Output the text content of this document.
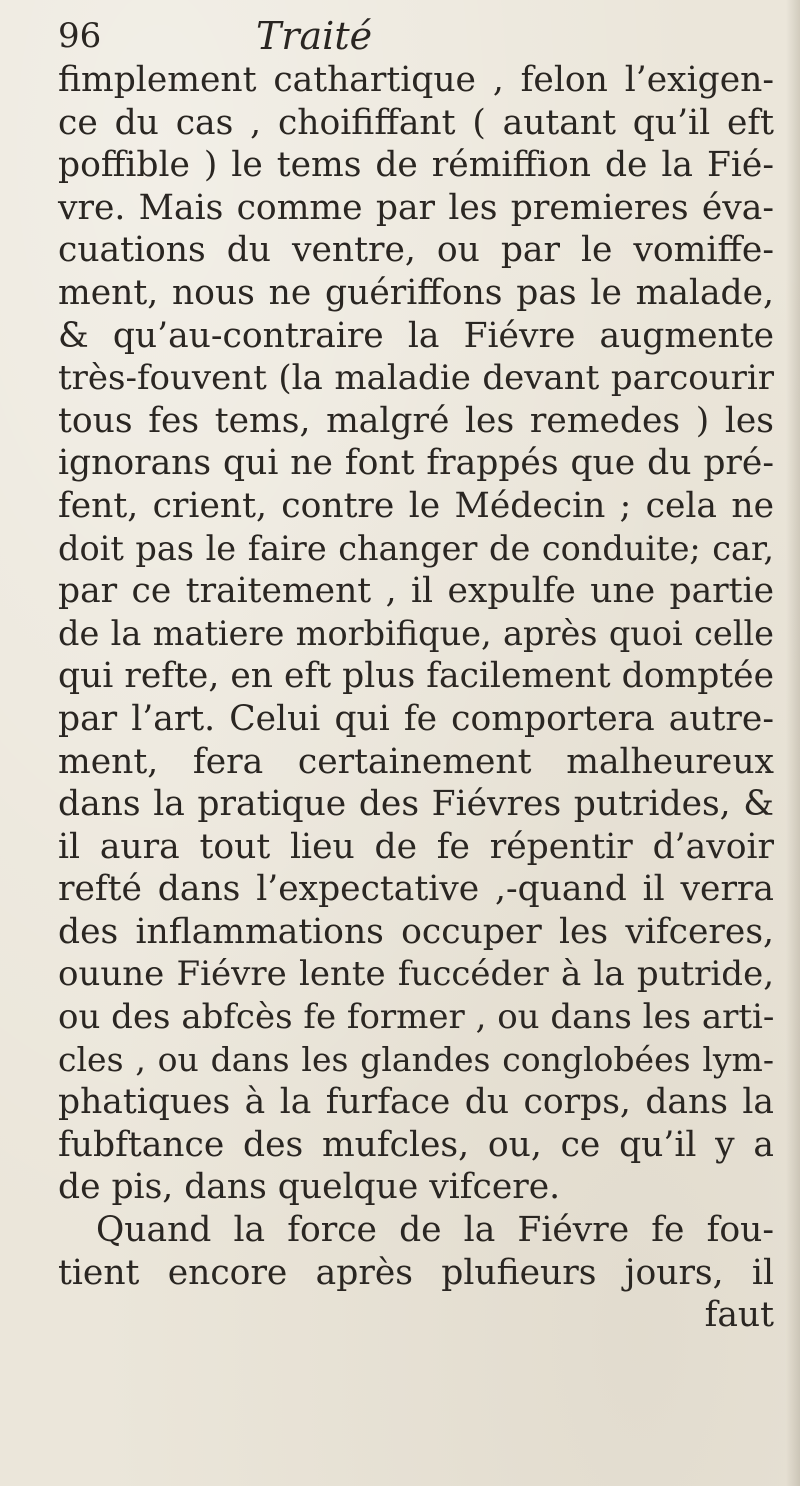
96	Traité
fimplement cathartique , felon l’exigen-
ce du cas , choififfant ( autant qu’il eft
poffible ) le tems de rémiffion de la Fié-
vre. Mais comme par les premieres éva-
cuations du ventre, ou par le vomiffe-
ment, nous ne guériffons pas le malade,
& qu’au-contraire la Fiévre augmente
très-fouvent (la maladie devant parcourir
tous fes tems, malgré les remedes ) les
ignorans qui ne font frappés que du pré-
fent, crient, contre le Médecin ; cela ne
doit pas le faire changer de conduite; car,
par ce traitement , il expulfe une partie
de la matiere morbifique, après quoi celle
qui refte, en eft plus facilement domptée
par l’art. Celui qui fe comportera autre-
ment, fera certainement malheureux
dans la pratique des Fiévres putrides, &
il aura tout lieu de fe répentir d’avoir
refté dans l’expectative ,-quand il verra
des inflammations occuper les vifceres,
ouune Fiévre lente fuccéder à la putride,
ou des abfcès fe former , ou dans les arti-
cles , ou dans les glandes conglobées lym-
phatiques à la furface du corps, dans la
fubftance des mufcles, ou, ce qu’il y a
de pis, dans quelque vifcere.
Quand la force de la Fiévre fe fou-
tient encore après plufieurs jours, il
faut
